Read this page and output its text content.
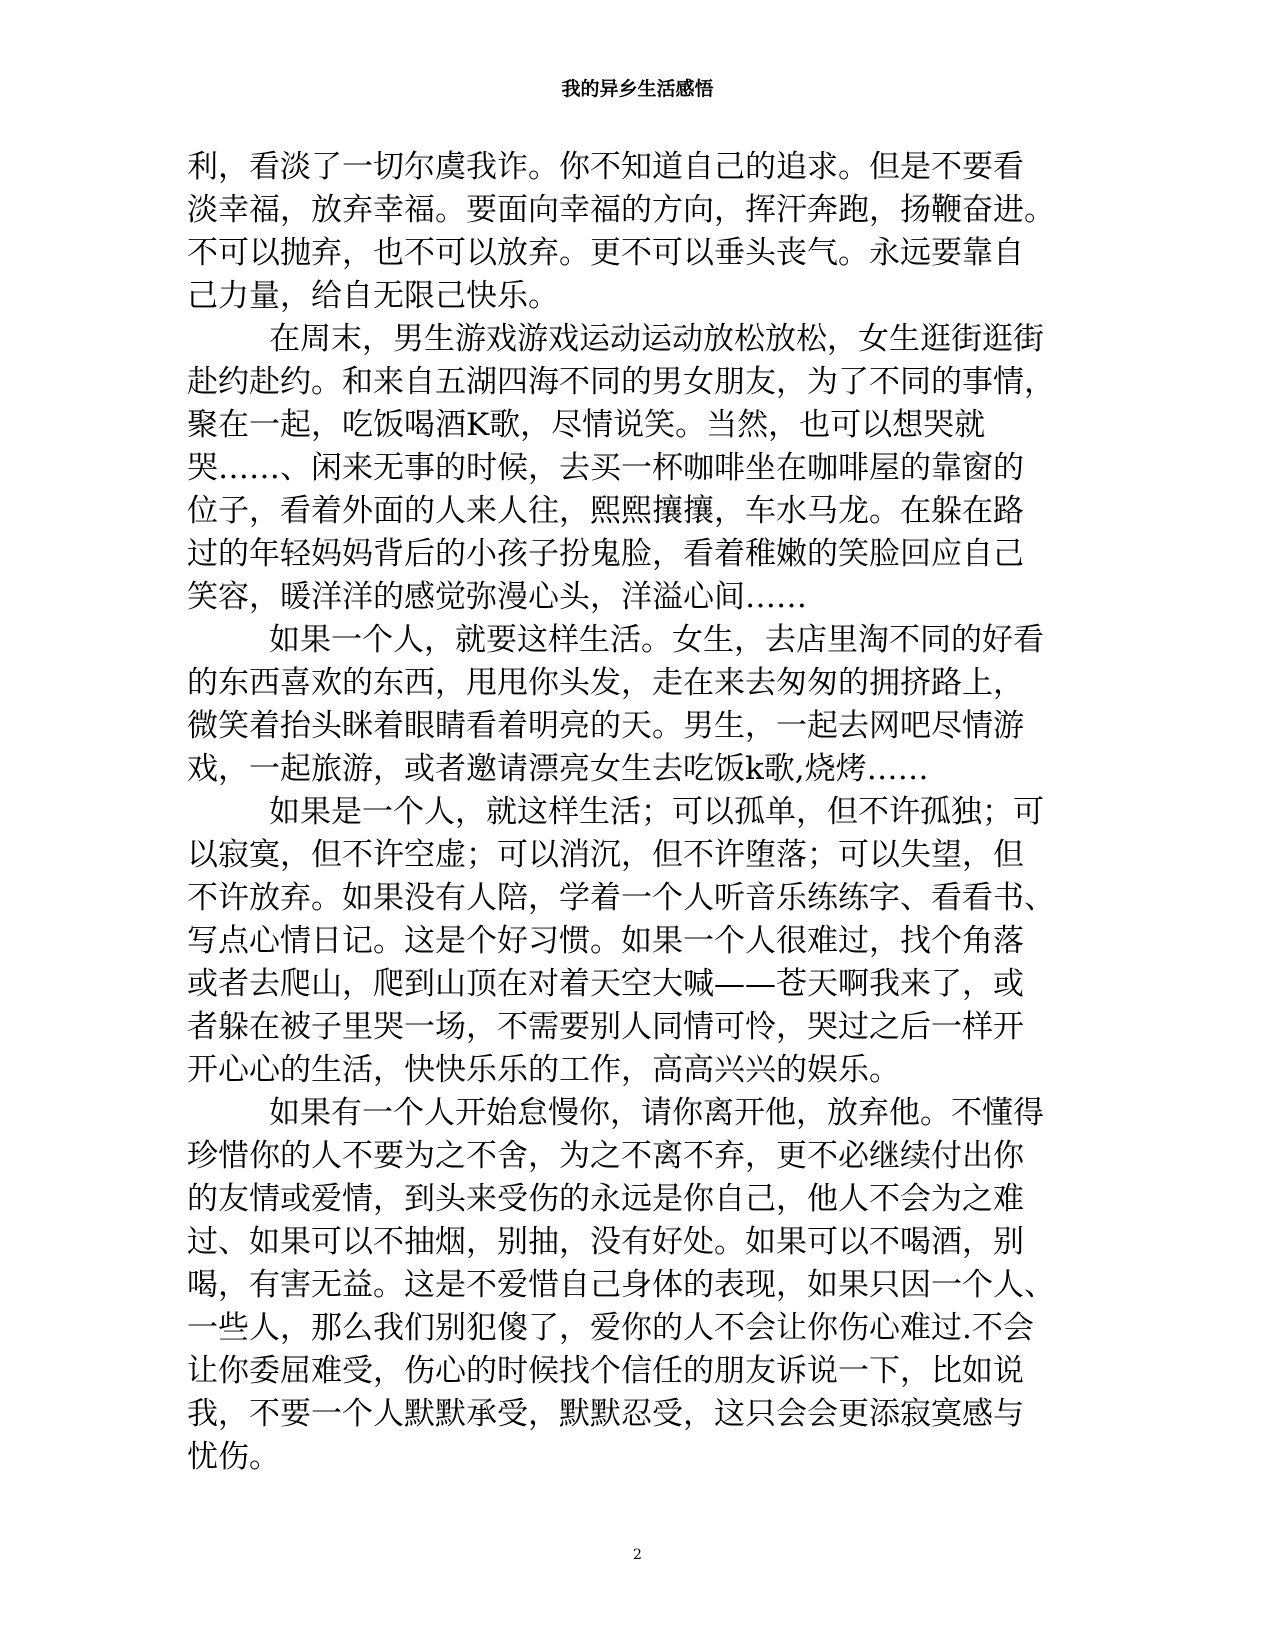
我的异乡生活感悟
利，看淡了一切尔虞我诈。你不知道自己的追求。但是不要看
淡幸福，放弃幸福。要面向幸福的方向，挥汗奔跑，扬鞭奋进。
不可以抛弃，也不可以放弃。更不可以垂头丧气。永远要靠自
己力量，给自无限己快乐。
在周末，男生游戏游戏运动运动放松放松，女生逛街逛街
赴约赴约。和来自五湖四海不同的男女朋友，为了不同的事情，
聚在一起，吃饭喝酒K歌，尽情说笑。当然，也可以想哭就
哭……、闲来无事的时候，去买一杯咖啡坐在咖啡屋的靠窗的
位子，看着外面的人来人往，熙熙攘攘，车水马龙。在躲在路
过的年轻妈妈背后的小孩子扮鬼脸，看着稚嫩的笑脸回应自己
笑容，暖洋洋的感觉弥漫心头，洋溢心间……
如果一个人，就要这样生活。女生，去店里淘不同的好看
的东西喜欢的东西，甩甩你头发，走在来去匆匆的拥挤路上，
微笑着抬头眯着眼睛看着明亮的天。男生，一起去网吧尽情游
戏，一起旅游，或者邀请漂亮女生去吃饭k歌,烧烤……
如果是一个人，就这样生活；可以孤单，但不许孤独；可
以寂寞，但不许空虚；可以消沉，但不许堕落；可以失望，但
不许放弃。如果没有人陪，学着一个人听音乐练练字、看看书、
写点心情日记。这是个好习惯。如果一个人很难过，找个角落
或者去爬山，爬到山顶在对着天空大喊——苍天啊我来了，或
者躲在被子里哭一场，不需要别人同情可怜，哭过之后一样开
开心心的生活，快快乐乐的工作，高高兴兴的娱乐。
如果有一个人开始怠慢你，请你离开他，放弃他。不懂得
珍惜你的人不要为之不舍，为之不离不弃，更不必继续付出你
的友情或爱情，到头来受伤的永远是你自己，他人不会为之难
过、如果可以不抽烟，别抽，没有好处。如果可以不喝酒，别
喝，有害无益。这是不爱惜自己身体的表现，如果只因一个人、
一些人，那么我们别犯傻了，爱你的人不会让你伤心难过.不会
让你委屈难受，伤心的时候找个信任的朋友诉说一下，比如说
我，不要一个人默默承受，默默忍受，这只会会更添寂寞感与
忧伤。
2
